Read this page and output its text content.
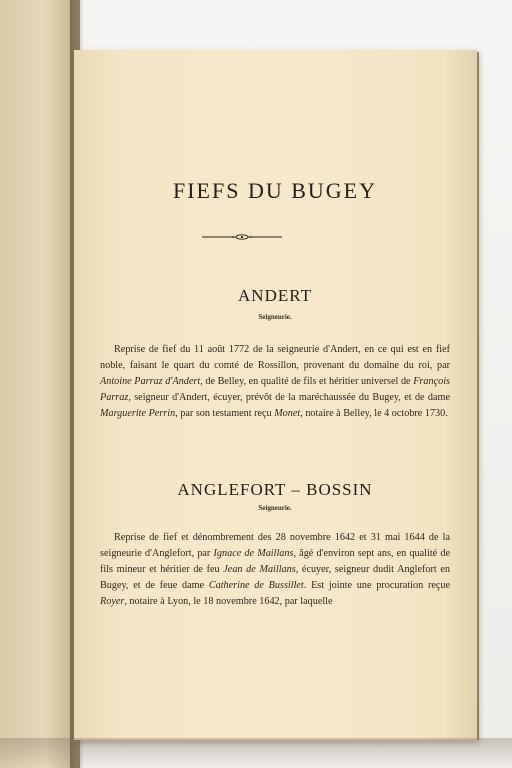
FIEFS DU BUGEY
ANDERT
Seigneurie.

Reprise de fief du 11 août 1772 de la seigneurie d'Andert, en ce qui est en fief noble, faisant le quart du comté de Rossillon, provenant du domaine du roi, par Antoine Parraz d'Andert, de Belley, en qualité de fils et héritier universel de François Parraz, seigneur d'Andert, écuyer, prévôt de la maréchaussée du Bugey, et de dame Marguerite Perrin, par son testament reçu Monet, notaire à Belley, le 4 octobre 1730.

ANGLEFORT – BOSSIN
Seigneurie.

Reprise de fief et dénombrement des 28 novembre 1642 et 31 mai 1644 de la seigneurie d'Anglefort, par Ignace de Maillans, âgé d'environ sept ans, en qualité de fils mineur et héritier de feu Jean de Maillans, écuyer, seigneur dudit Anglefort en Bugey, et de feue dame Catherine de Bussillet. Est jointe une procuration reçue Royer, notaire à Lyon, le 18 novembre 1642, par laquelle
